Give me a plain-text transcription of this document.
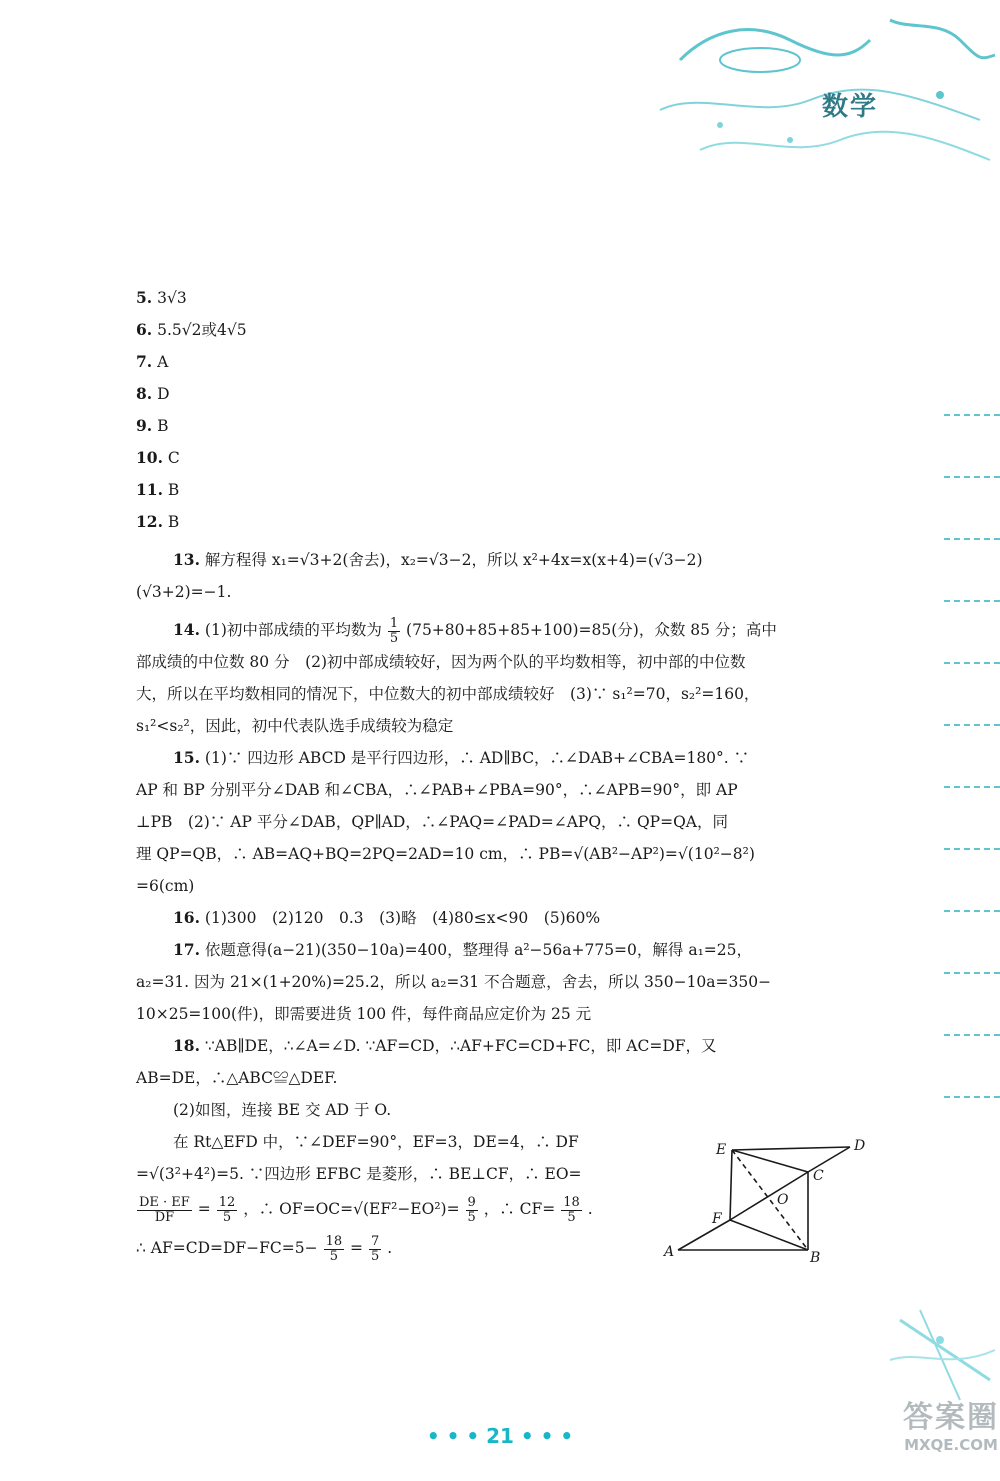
数学
5. 3√3
6. 5.5√2或4√5
7. A
8. D
9. B
10. C
11. B
12. B
13. 解方程得 x₁=√3+2(舍去)，x₂=√3−2，所以 x²+4x=x(x+4)=(√3−2)
(√3+2)=−1.
14. (1)初中部成绩的平均数为 $\frac{1}{5} (75+80+85+85+100)=85$(分)，众数 85 分；高中
部成绩的中位数 80 分　(2)初中部成绩较好，因为两个队的平均数相等，初中部的中位数
大，所以在平均数相同的情况下，中位数大的初中部成绩较好　(3)∵ s₁²=70，s₂²=160，
s₁²<s₂²，因此，初中代表队选手成绩较为稳定
15. (1)∵ 四边形 ABCD 是平行四边形，∴ AD∥BC，∴∠DAB+∠CBA=180°. ∵
AP 和 BP 分别平分∠DAB 和∠CBA，∴∠PAB+∠PBA=90°，∴∠APB=90°，即 AP
⊥PB　(2)∵ AP 平分∠DAB，QP∥AD，∴∠PAQ=∠PAD=∠APQ，∴ QP=QA，同
理 QP=QB，∴ AB=AQ+BQ=2PQ=2AD=10 cm，∴ PB=√(AB²−AP²)=√(10²−8²)
=6(cm)
16. (1)300　(2)120　0.3　(3)略　(4)80≤x<90　(5)60%
17. 依题意得(a−21)(350−10a)=400，整理得 a²−56a+775=0，解得 a₁=25，
a₂=31. 因为 21×(1+20%)=25.2，所以 a₂=31 不合题意，舍去，所以 350−10a=350−
10×25=100(件)，即需要进货 100 件，每件商品应定价为 25 元
18. ∵AB∥DE，∴∠A=∠D. ∵AF=CD，∴AF+FC=CD+FC，即 AC=DF，又
AB=DE，∴△ABC≌△DEF.
(2)如图，连接 BE 交 AD 于 O.
在 Rt△EFD 中，∵∠DEF=90°，EF=3，DE=4，∴ DF
=√(3²+4²)=5. ∵四边形 EFBC 是菱形，∴ BE⊥CF，∴ EO=
$\frac{DE \cdot EF}{DF} = \frac{12}{5}$ ，∴ $OF=OC=√(EF^2-EO^2)= \frac{9}{5}$ ，∴ $CF= \frac{18}{5}$ .
∴ $AF=CD=DF-FC=5- \frac{18}{5} = \frac{7}{5}$ .
E	D
C
O
F
A	B
答案圈
MXQE.COM
• • • 21 • • •
